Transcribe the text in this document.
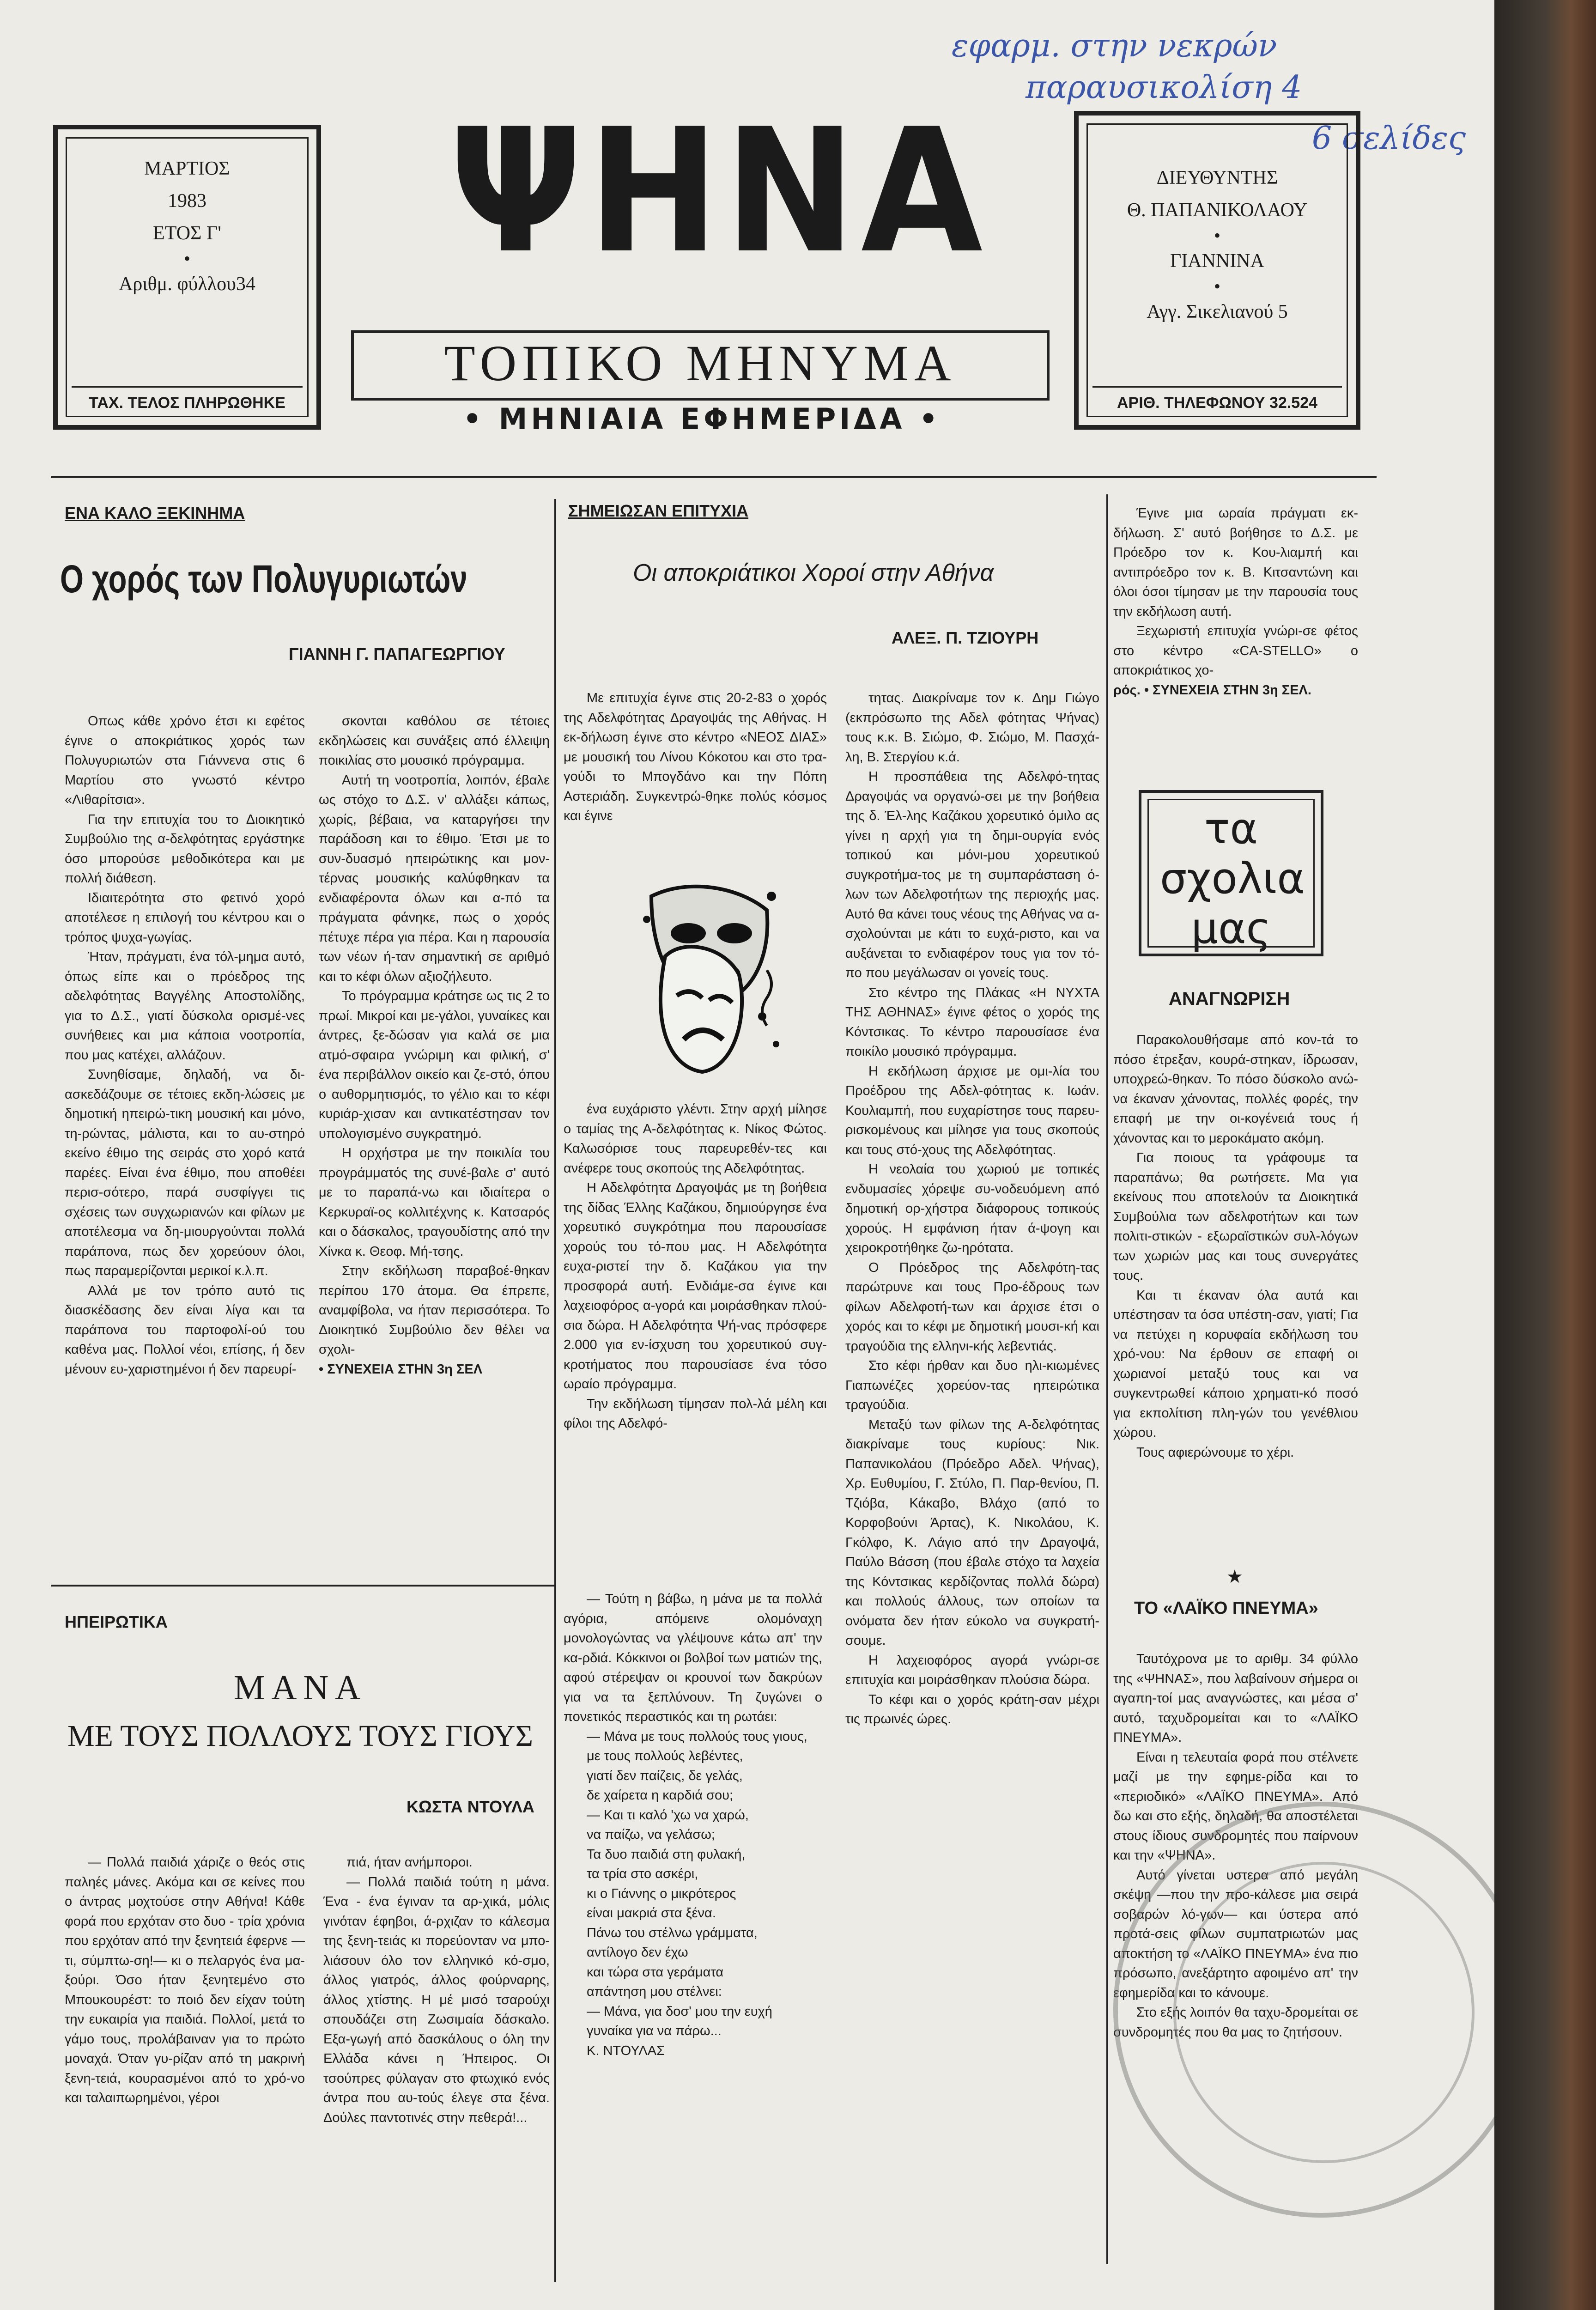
εφαρμ. στην νεκρών
παραυσικολίση 4
6 σελίδες
ΜΑΡΤΙΟΣ
1983
ΕΤΟΣ Γ'
•
Αριθμ. φύλλου34
ΤΑΧ. ΤΕΛΟΣ ΠΛΗΡΩΘΗΚΕ
ΨΗΝΑ
ΤΟΠΙΚΟ ΜΗΝΥΜΑ
• ΜΗΝΙΑΙΑ ΕΦΗΜΕΡΙΔΑ •
ΔΙΕΥΘΥΝΤΗΣ
Θ. ΠΑΠΑΝΙΚΟΛΑΟΥ
•
ΓΙΑΝΝΙΝΑ
•
Αγγ. Σικελιανού 5
ΑΡΙΘ. ΤΗΛΕΦΩΝΟΥ 32.524
ΕΝΑ ΚΑΛΟ ΞΕΚΙΝΗΜΑ
Ο χορός των Πολυγυριωτών
ΓΙΑΝΝΗ Γ. ΠΑΠΑΓΕΩΡΓΙΟΥ

Οπως κάθε χρόνο έτσι κι εφέτος έγινε ο αποκριάτικος χορός των Πολυγυριωτών στα Γιάννενα στις 6 Μαρτίου στο γνωστό κέντρο «Λιθαρίτσια».

Για την επιτυχία του το Διοικητικό Συμβούλιο της α-δελφότητας εργάστηκε όσο μπορούσε μεθοδικότερα και με πολλή διάθεση.

Ιδιαιτερότητα στο φετινό χορό αποτέλεσε η επιλογή του κέντρου και ο τρόπος ψυχα-γωγίας.

Ήταν, πράγματι, ένα τόλ-μημα αυτό, όπως είπε και ο πρόεδρος της αδελφότητας Βαγγέλης Αποστολίδης, για το Δ.Σ., γιατί δύσκολα ορισμέ-νες συνήθειες και μια κάποια νοοτροπία, που μας κατέχει, αλλάζουν.

Συνηθίσαμε, δηλαδή, να δι-ασκεδάζουμε σε τέτοιες εκδη-λώσεις με δημοτική ηπειρώ-τικη μουσική και μόνο, τη-ρώντας, μάλιστα, και το αυ-στηρό εκείνο έθιμο της σειράς στο χορό κατά παρέες. Είναι ένα έθιμο, που αποθέει περισ-σότερο, παρά συσφίγγει τις σχέσεις των συγχωριανών και φίλων με αποτέλεσμα να δη-μιουργούνται πολλά παράπονα, πως δεν χορεύουν όλοι, πως παραμερίζονται μερικοί κ.λ.π.

Αλλά με τον τρόπο αυτό τις διασκέδασης δεν είναι λίγα και τα παράπονα του παρτοφολί-ού του καθένα μας. Πολλοί νέοι, επίσης, ή δεν μένουν ευ-χαριστημένοι ή δεν παρευρί-

σκονται καθόλου σε τέτοιες εκδηλώσεις και συνάξεις από έλλειψη ποικιλίας στο μουσικό πρόγραμμα.

Αυτή τη νοοτροπία, λοιπόν, έβαλε ως στόχο το Δ.Σ. ν' αλλάξει κάπως, χωρίς, βέβαια, να καταργήσει την παράδοση και το έθιμο. Έτσι με το συν-δυασμό ηπειρώτικης και μον-τέρνας μουσικής καλύφθηκαν τα ενδιαφέροντα όλων και α-πό τα πράγματα φάνηκε, πως ο χορός πέτυχε πέρα για πέρα. Και η παρουσία των νέων ή-ταν σημαντική σε αριθμό και το κέφι όλων αξιοζήλευτο.

Το πρόγραμμα κράτησε ως τις 2 το πρωί. Μικροί και με-γάλοι, γυναίκες και άντρες, ξε-δώσαν για καλά σε μια ατμό-σφαιρα γνώριμη και φιλική, σ' ένα περιβάλλον οικείο και ζε-στό, όπου ο αυθορμητισμός, το γέλιο και το κέφι κυριάρ-χισαν και αντικατέστησαν τον υπολογισμένο συγκρατημό.

Η ορχήστρα με την ποικιλία του προγράμματός της συνέ-βαλε σ' αυτό με το παραπά-νω και ιδιαίτερα ο Κερκυραϊ-ος κολλιτέχνης κ. Κατσαρός και ο δάσκαλος, τραγουδίστης από την Χίνκα κ. Θεοφ. Μή-τσης.

Στην εκδήλωση παραβοέ-θηκαν περίπου 170 άτομα. Θα έπρεπε, αναμφίβολα, να ήταν περισσότερα. Το Διοικητικό Συμβούλιο δεν θέλει να σχολι-

• ΣΥΝΕΧΕΙΑ ΣΤΗΝ 3η ΣΕΛ

ΣΗΜΕΙΩΣΑΝ ΕΠΙΤΥΧΙΑ
Οι αποκριάτικοι Χοροί στην Αθήνα
ΑΛΕΞ. Π. ΤΖΙΟΥΡΗ

Με επιτυχία έγινε στις 20-2-83 ο χορός της Αδελφότητας Δραγοψάς της Αθήνας. Η εκ-δήλωση έγινε στο κέντρο «ΝΕΟΣ ΔΙΑΣ» με μουσική του Λίνου Κόκοτου και στο τρα-γούδι το Μπογδάνο και την Πόπη Αστεριάδη. Συγκεντρώ-θηκε πολύς κόσμος και έγινε

ένα ευχάριστο γλέντι. Στην αρχή μίλησε ο ταμίας της Α-δελφότητας κ. Νίκος Φώτος. Καλωσόρισε τους παρευρεθέν-τες και ανέφερε τους σκοπούς της Αδελφότητας.

Η Αδελφότητα Δραγοψάς με τη βοήθεια της δίδας Έλλης Καζάκου, δημιούργησε ένα χορευτικό συγκρότημα που παρουσίασε χορούς του τό-που μας. Η Αδελφότητα ευχα-ριστεί την δ. Καζάκου για την προσφορά αυτή. Ενδιάμε-σα έγινε και λαχειοφόρος α-γορά και μοιράσθηκαν πλού-σια δώρα. Η Αδελφότητα Ψή-νας πρόσφερε 2.000 για εν-ίσχυση του χορευτικού συγ-κροτήματος που παρουσίασε ένα τόσο ωραίο πρόγραμμα.

Την εκδήλωση τίμησαν πολ-λά μέλη και φίλοι της Αδελφό-

τητας. Διακρίναμε τον κ. Δημ Γιώγο (εκπρόσωπο της Αδελ φότητας Ψήνας) τους κ.κ. Β. Σιώμο, Φ. Σιώμο, Μ. Πασχά-λη, Β. Στεργίου κ.ά.

Η προσπάθεια της Αδελφό-τητας Δραγοψάς να οργανώ-σει με την βοήθεια της δ. Έλ-λης Καζάκου χορευτικό όμιλο ας γίνει η αρχή για τη δημι-ουργία ενός τοπικού και μόνι-μου χορευτικού συγκροτήμα-τος με τη συμπαράσταση ό-λων των Αδελφοτήτων της περιοχής μας. Αυτό θα κάνει τους νέους της Αθήνας να α-σχολούνται με κάτι το ευχά-ριστο, και να αυξάνεται το ενδιαφέρον τους για τον τό-πο που μεγάλωσαν οι γονείς τους.

Στο κέντρο της Πλάκας «Η ΝΥΧΤΑ ΤΗΣ ΑΘΗΝΑΣ» έγινε φέτος ο χορός της Κόντσικας. Το κέντρο παρουσίασε ένα ποικίλο μουσικό πρόγραμμα.

Η εκδήλωση άρχισε με ομι-λία του Προέδρου της Αδελ-φότητας κ. Ιωάν. Κουλιαμπή, που ευχαρίστησε τους παρευ-ρισκομένους και μίλησε για τους σκοπούς και τους στό-χους της Αδελφότητας.

Η νεολαία του χωριού με τοπικές ενδυμασίες χόρεψε συ-νοδευόμενη από δημοτική ορ-χήστρα διάφορους τοπικούς χορούς. Η εμφάνιση ήταν ά-ψογη και χειροκροτήθηκε ζω-ηρότατα.

Ο Πρόεδρος της Αδελφότη-τας παρώτρυνε και τους Προ-έδρους των φίλων Αδελφοτή-των και άρχισε έτσι ο χορός και το κέφι με δημοτική μουσι-κή και τραγούδια της ελληνι-κής λεβεντιάς.

Στο κέφι ήρθαν και δυο ηλι-κιωμένες Γιαπωνέζες χορεύον-τας ηπειρώτικα τραγούδια.

Μεταξύ των φίλων της Α-δελφότητας διακρίναμε τους κυρίους: Νικ. Παπανικολάου (Πρόεδρο Αδελ. Ψήνας), Χρ. Ευθυμίου, Γ. Στύλο, Π. Παρ-θενίου, Π. Τζιόβα, Κάκαβο, Βλάχο (από το Κορφοβούνι Άρτας), Κ. Νικολάου, Κ. Γκόλφο, Κ. Λάγιο από την Δραγοψά, Παύλο Βάσση (που έβαλε στόχο τα λαχεία της Κόντσικας κερδίζοντας πολλά δώρα) και πολλούς άλλους, των οποίων τα ονόματα δεν ήταν εύκολο να συγκρατή-σουμε.

Η λαχειοφόρος αγορά γνώρι-σε επιτυχία και μοιράσθηκαν πλούσια δώρα.

Το κέφι και ο χορός κράτη-σαν μέχρι τις πρωινές ώρες.

Έγινε μια ωραία πράγματι εκ-δήλωση. Σ' αυτό βοήθησε το Δ.Σ. με Πρόεδρο τον κ. Κου-λιαμπή και αντιπρόεδρο τον κ. Β. Κιτσαντώνη και όλοι όσοι τίμησαν με την παρουσία τους την εκδήλωση αυτή.

Ξεχωριστή επιτυχία γνώρι-σε φέτος στο κέντρο «CA-STELLO» ο αποκριάτικος χο-

ρός. • ΣΥΝΕΧΕΙΑ ΣΤΗΝ 3η ΣΕΛ.

τα σχολια μας
ΑΝΑΓΝΩΡΙΣΗ

Παρακολουθήσαμε από κον-τά το πόσο έτρεξαν, κουρά-στηκαν, ίδρωσαν, υποχρεώ-θηκαν. Το πόσο δύσκολο ανώ-να έκαναν χάνοντας, πολλές φορές, την επαφή με την οι-κογένειά τους ή χάνοντας και το μεροκάματο ακόμη.

Για ποιους τα γράφουμε τα παραπάνω; θα ρωτήσετε. Μα για εκείνους που αποτελούν τα Διοικητικά Συμβούλια των αδελφοτήτων και των πολιτι-στικών - εξωραϊστικών συλ-λόγων των χωριών μας και τους συνεργάτες τους.

Και τι έκαναν όλα αυτά και υπέστησαν τα όσα υπέστη-σαν, γιατί; Για να πετύχει η κορυφαία εκδήλωση του χρό-νου: Να έρθουν σε επαφή οι χωριανοί μεταξύ τους και να συγκεντρωθεί κάποιο χρηματι-κό ποσό για εκπολίτιση πλη-γών του γενέθλιου χώρου.

Τους αφιερώνουμε το χέρι.

★
ΤΟ «ΛΑΪΚΟ ΠΝΕΥΜΑ»

Ταυτόχρονα με το αριθμ. 34 φύλλο της «ΨΗΝΑΣ», που λαβαίνουν σήμερα οι αγαπη-τοί μας αναγνώστες, και μέσα σ' αυτό, ταχυδρομείται και το «ΛΑΪΚΟ ΠΝΕΥΜΑ».

Είναι η τελευταία φορά που στέλνετε μαζί με την εφημε-ρίδα και το «περιοδικό» «ΛΑΪΚΟ ΠΝΕΥΜΑ». Από δω και στο εξής, δηλαδή, θα αποστέλεται στους ίδιους συνδρομητές που παίρνουν και την «ΨΗΝΑ».

Αυτό γίνεται υστερα από μεγάλη σκέψη —που την προ-κάλεσε μια σειρά σοβαρών λό-γων— και ύστερα από προτά-σεις φίλων συμπατριωτών μας αποκτήση το «ΛΑΪΚΟ ΠΝΕΥΜΑ» ένα πιο πρόσωπο, ανεξάρτητο αφοιμένο απ' την εφημερίδα και το κάνουμε.

Στο εξής λοιπόν θα ταχυ-δρομείται σε συνδρομητές που θα μας το ζητήσουν.

ΗΠΕΙΡΩΤΙΚΑ
ΜΑΝΑ
ΜΕ ΤΟΥΣ ΠΟΛΛΟΥΣ ΤΟΥΣ ΓΙΟΥΣ
ΚΩΣΤΑ ΝΤΟΥΛΑ

— Πολλά παιδιά χάριζε ο θεός στις παληές μάνες. Ακόμα και σε κείνες που ο άντρας μοχτούσε στην Αθήνα! Κάθε φορά που ερχόταν στο δυο - τρία χρόνια που ερχόταν από την ξενητειά έφερνε —τι, σύμπτω-ση!— κι ο πελαργός ένα μα-ξούρι. Όσο ήταν ξενητεμένο στο Μπουκουρέστ: το ποιό δεν είχαν τούτη την ευκαιρία για παιδιά. Πολλοί, μετά το γάμο τους, προλάβαιναν για το πρώτο μοναχά. Όταν γυ-ρίζαν από τη μακρινή ξενη-τειά, κουρασμένοι από το χρό-νο και ταλαιπωρημένοι, γέροι

πιά, ήταν ανήμποροι.

— Πολλά παιδιά τούτη η μάνα. Ένα - ένα έγιναν τα αρ-χικά, μόλις γινόταν έφηβοι, ά-ρχιζαν το κάλεσμα της ξενη-τειάς κι πορεύονταν να μπο-λιάσουν όλο τον ελληνικό κό-σμο, άλλος γιατρός, άλλος φούρναρης, άλλος χτίστης. Η μέ μισό τσαρούχι σπουδάζει στη Ζωσιμαία δάσκαλο. Εξα-γωγή από δασκάλους ο όλη την Ελλάδα κάνει η Ήπειρος. Οι τσούπρες φύλαγαν στο φτωχικό ενός άντρα που αυ-τούς έλεγε στα ξένα. Δούλες παντοτινές στην πεθερά!...

— Τούτη η βάβω, η μάνα με τα πολλά αγόρια, απόμεινε ολομόναχη μονολογώντας να γλέψουνε κάτω απ' την κα-ρδιά. Κόκκινοι οι βολβοί των ματιών της, αφού στέρεψαν οι κρουνοί των δακρύων για να τα ξεπλύνουν. Τη ζυγώνει ο πονετικός περαστικός και τη ρωτάει:

— Μάνα με τους πολλούς τους γιους,

με τους πολλούς λεβέντες,

γιατί δεν παίζεις, δε γελάς,

δε χαίρετα η καρδιά σου;

— Και τι καλό 'χω να χαρώ,

να παίζω, να γελάσω;

Τα δυο παιδιά στη φυλακή,

τα τρία στο ασκέρι,

κι ο Γιάννης ο μικρότερος

είναι μακριά στα ξένα.

Πάνω του στέλνω γράμματα,

αντίλογο δεν έχω

και τώρα στα γεράματα

απάντηση μου στέλνει:

— Μάνα, για δοσ' μου την ευχή

γυναίκα για να πάρω...

Κ. ΝΤΟΥΛΑΣ
